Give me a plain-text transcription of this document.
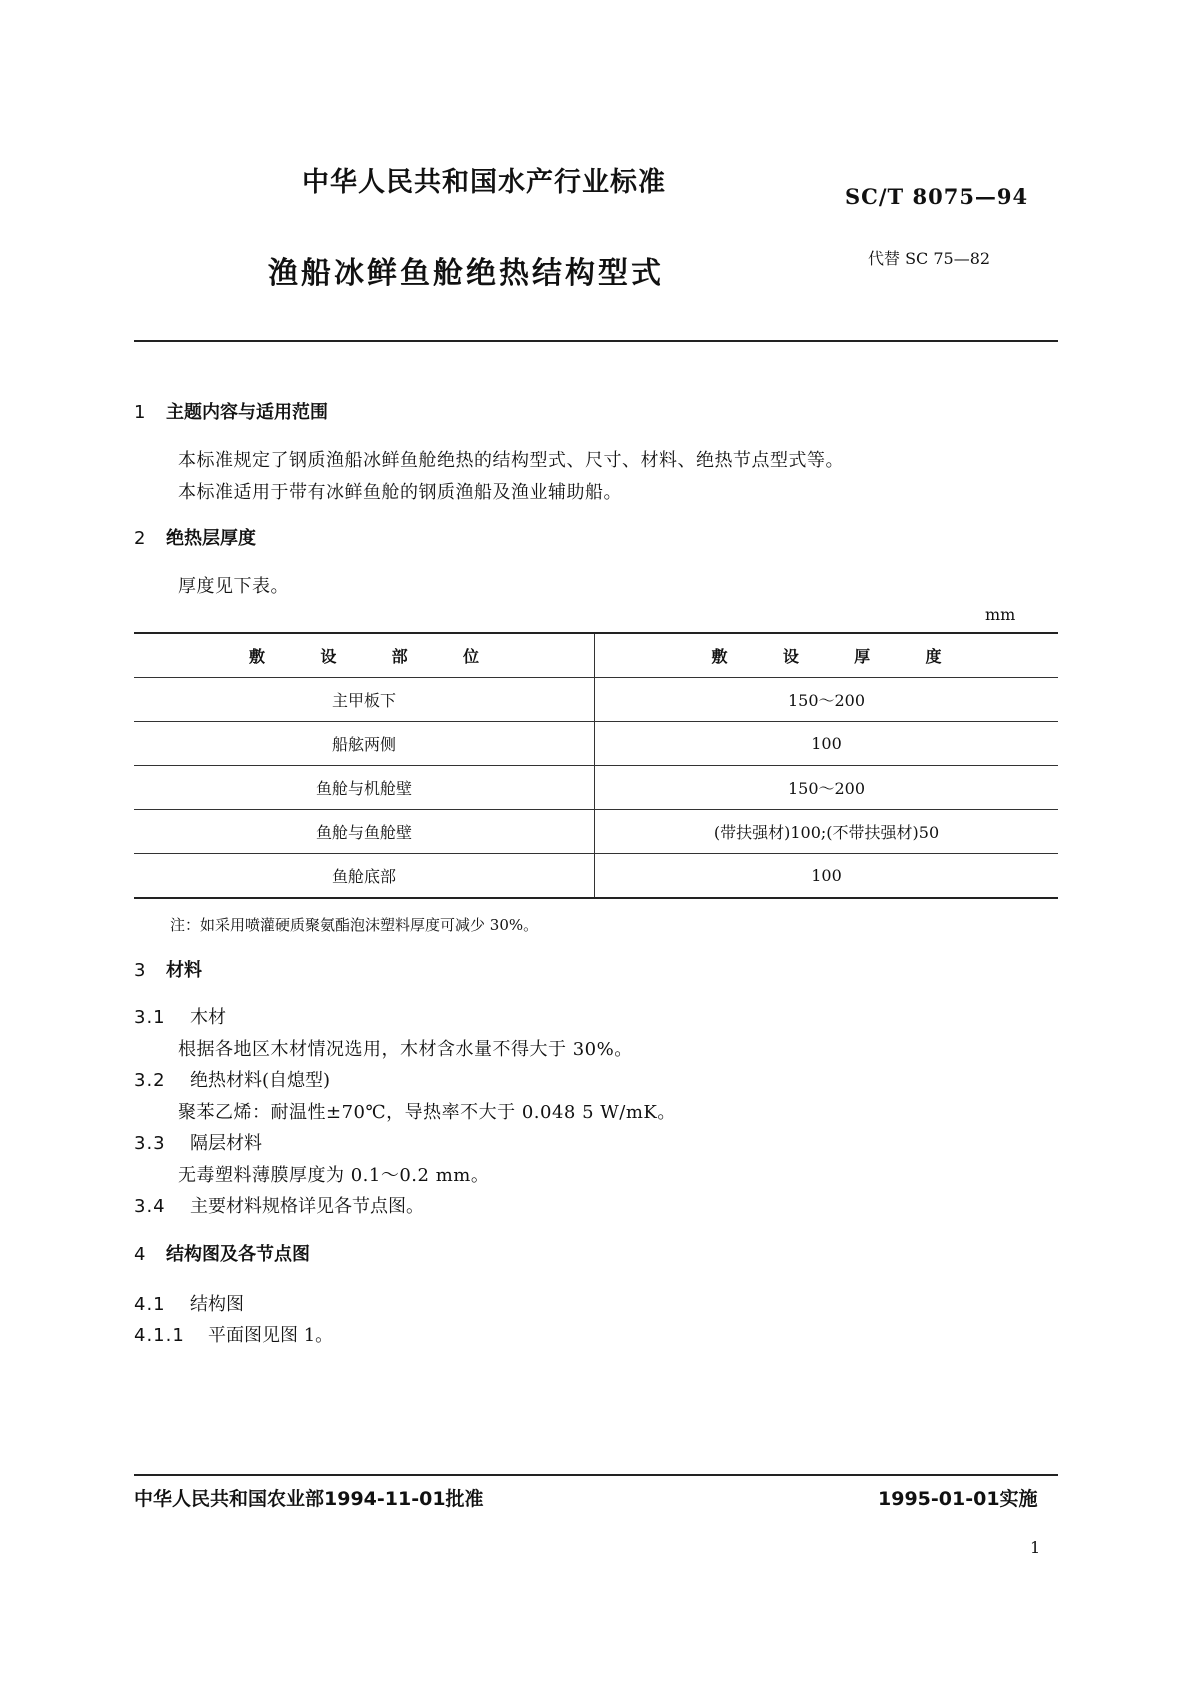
中华人民共和国水产行业标准	SC/T 8075—94
渔船冰鲜鱼舱绝热结构型式	代替 SC 75—82
1 主题内容与适用范围
本标准规定了钢质渔船冰鲜鱼舱绝热的结构型式、尺寸、材料、绝热节点型式等。
本标准适用于带有冰鲜鱼舱的钢质渔船及渔业辅助船。
2 绝热层厚度
厚度见下表。
mm
敷 设 部 位	敷 设 厚 度

主甲板下	150～200
船舷两侧	100
鱼舱与机舱壁	150～200
鱼舱与鱼舱壁	(带扶强材)100;(不带扶强材)50
鱼舱底部	100
注：如采用喷灌硬质聚氨酯泡沫塑料厚度可减少 30%。
3 材料
3.1 木材
根据各地区木材情况选用，木材含水量不得大于 30%。
3.2 绝热材料(自熄型)
聚苯乙烯：耐温性±70℃，导热率不大于 0.048 5 W/mK。
3.3 隔层材料
无毒塑料薄膜厚度为 0.1～0.2 mm。
3.4 主要材料规格详见各节点图。
4 结构图及各节点图
4.1 结构图
4.1.1 平面图见图 1。
中华人民共和国农业部1994-11-01批准	1995-01-01实施
1
